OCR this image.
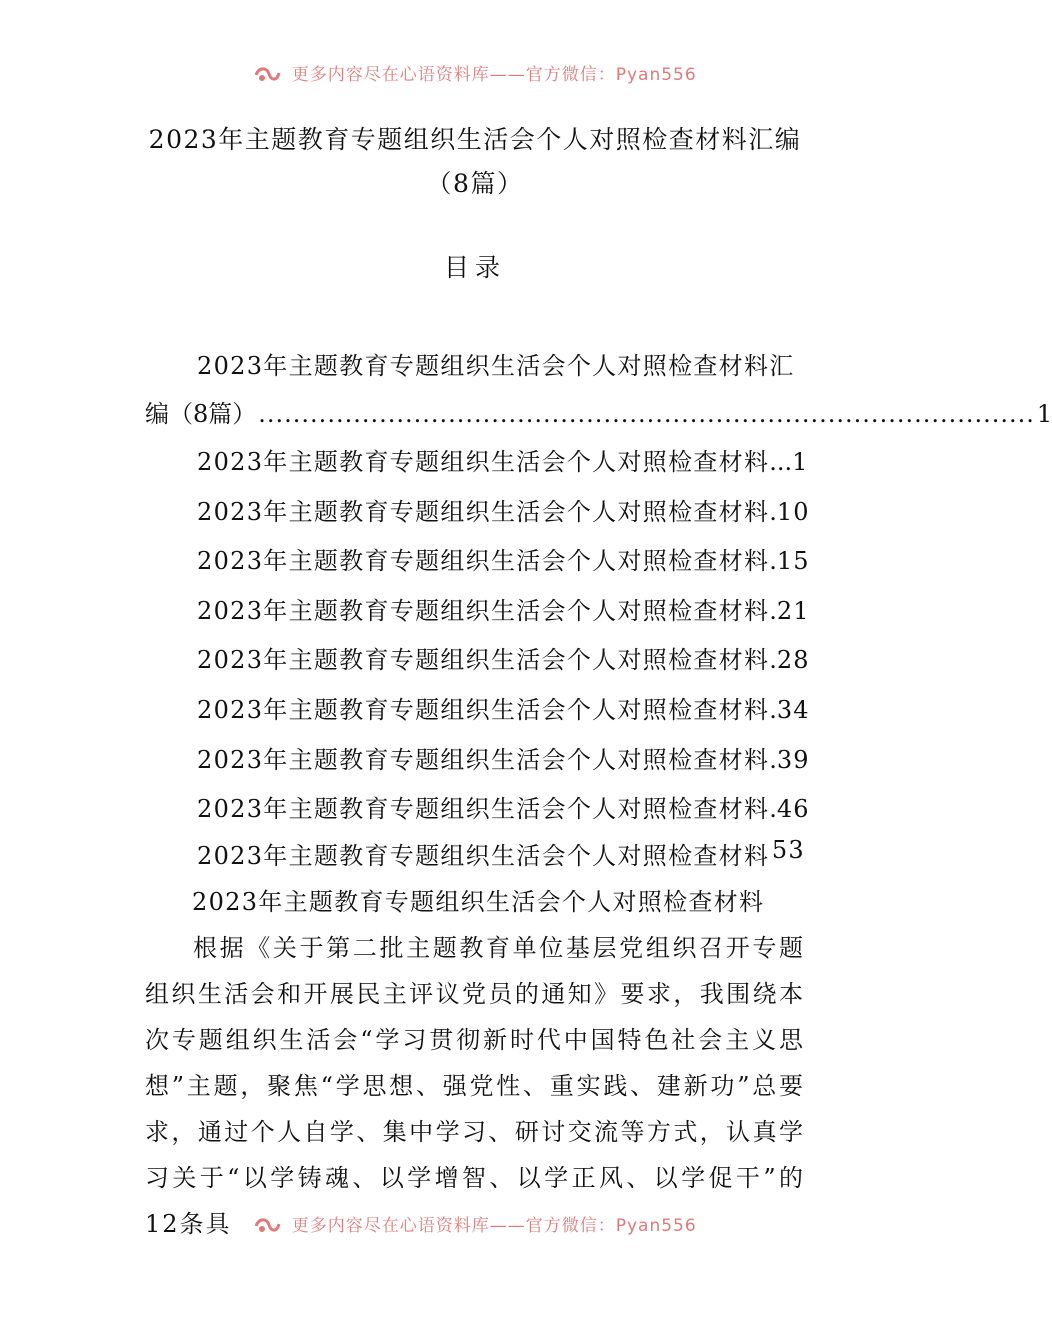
更多内容尽在心语资料库——官方微信：Pyan556
2023年主题教育专题组织生活会个人对照检查材料汇编（8篇）
目录
2023年主题教育专题组织生活会个人对照检查材料汇
编（8篇） .......................................................................................... 1
2023年主题教育专题组织生活会个人对照检查材料 ... 1
2023年主题教育专题组织生活会个人对照检查材料 . 10
2023年主题教育专题组织生活会个人对照检查材料 . 15
2023年主题教育专题组织生活会个人对照检查材料 . 21
2023年主题教育专题组织生活会个人对照检查材料 . 28
2023年主题教育专题组织生活会个人对照检查材料 . 34
2023年主题教育专题组织生活会个人对照检查材料 . 39
2023年主题教育专题组织生活会个人对照检查材料 . 46
2023年主题教育专题组织生活会个人对照检查材料 53
2023年主题教育专题组织生活会个人对照检查材料
根据《关于第二批主题教育单位基层党组织召开专题组织生活会和开展民主评议党员的通知》要求，我围绕本次专题组织生活会“学习贯彻新时代中国特色社会主义思想”主题，聚焦“学思想、强党性、重实践、建新功”总要求，通过个人自学、集中学习、研讨交流等方式，认真学习关于“以学铸魂、以学增智、以学正风、以学促干”的12条具	更多内容尽在心语资料库——官方微信：Pyan556
